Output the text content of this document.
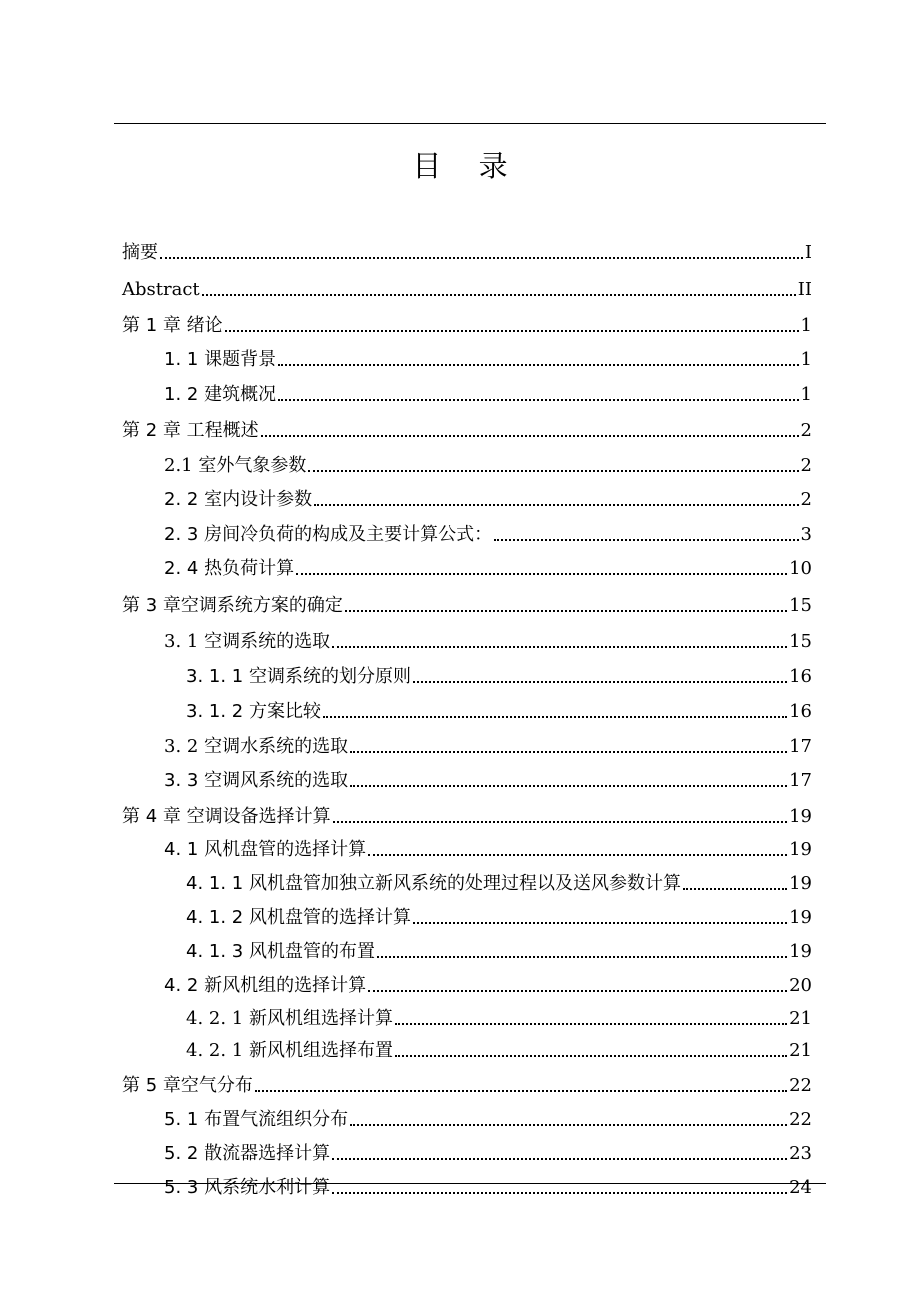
目 录
摘要	I
Abstract	II
第 1 章 绪论	1
1. 1 课题背景	1
1. 2 建筑概况	1
第 2 章 工程概述	2
2.1 室外气象参数	2
2. 2 室内设计参数	2
2. 3 房间冷负荷的构成及主要计算公式：	3
2. 4 热负荷计算	10
第 3 章空调系统方案的确定	15
3. 1 空调系统的选取	15
3. 1. 1 空调系统的划分原则	16
3. 1. 2 方案比较	16
3. 2 空调水系统的选取	17
3. 3 空调风系统的选取	17
第 4 章 空调设备选择计算	19
4. 1 风机盘管的选择计算	19
4. 1. 1 风机盘管加独立新风系统的处理过程以及送风参数计算	19
4. 1. 2 风机盘管的选择计算	19
4. 1. 3 风机盘管的布置	19
4. 2 新风机组的选择计算	20
4. 2. 1 新风机组选择计算	21
4. 2. 1 新风机组选择布置	21
第 5 章空气分布	22
5. 1 布置气流组织分布	22
5. 2 散流器选择计算	23
5. 3 风系统水利计算	24
